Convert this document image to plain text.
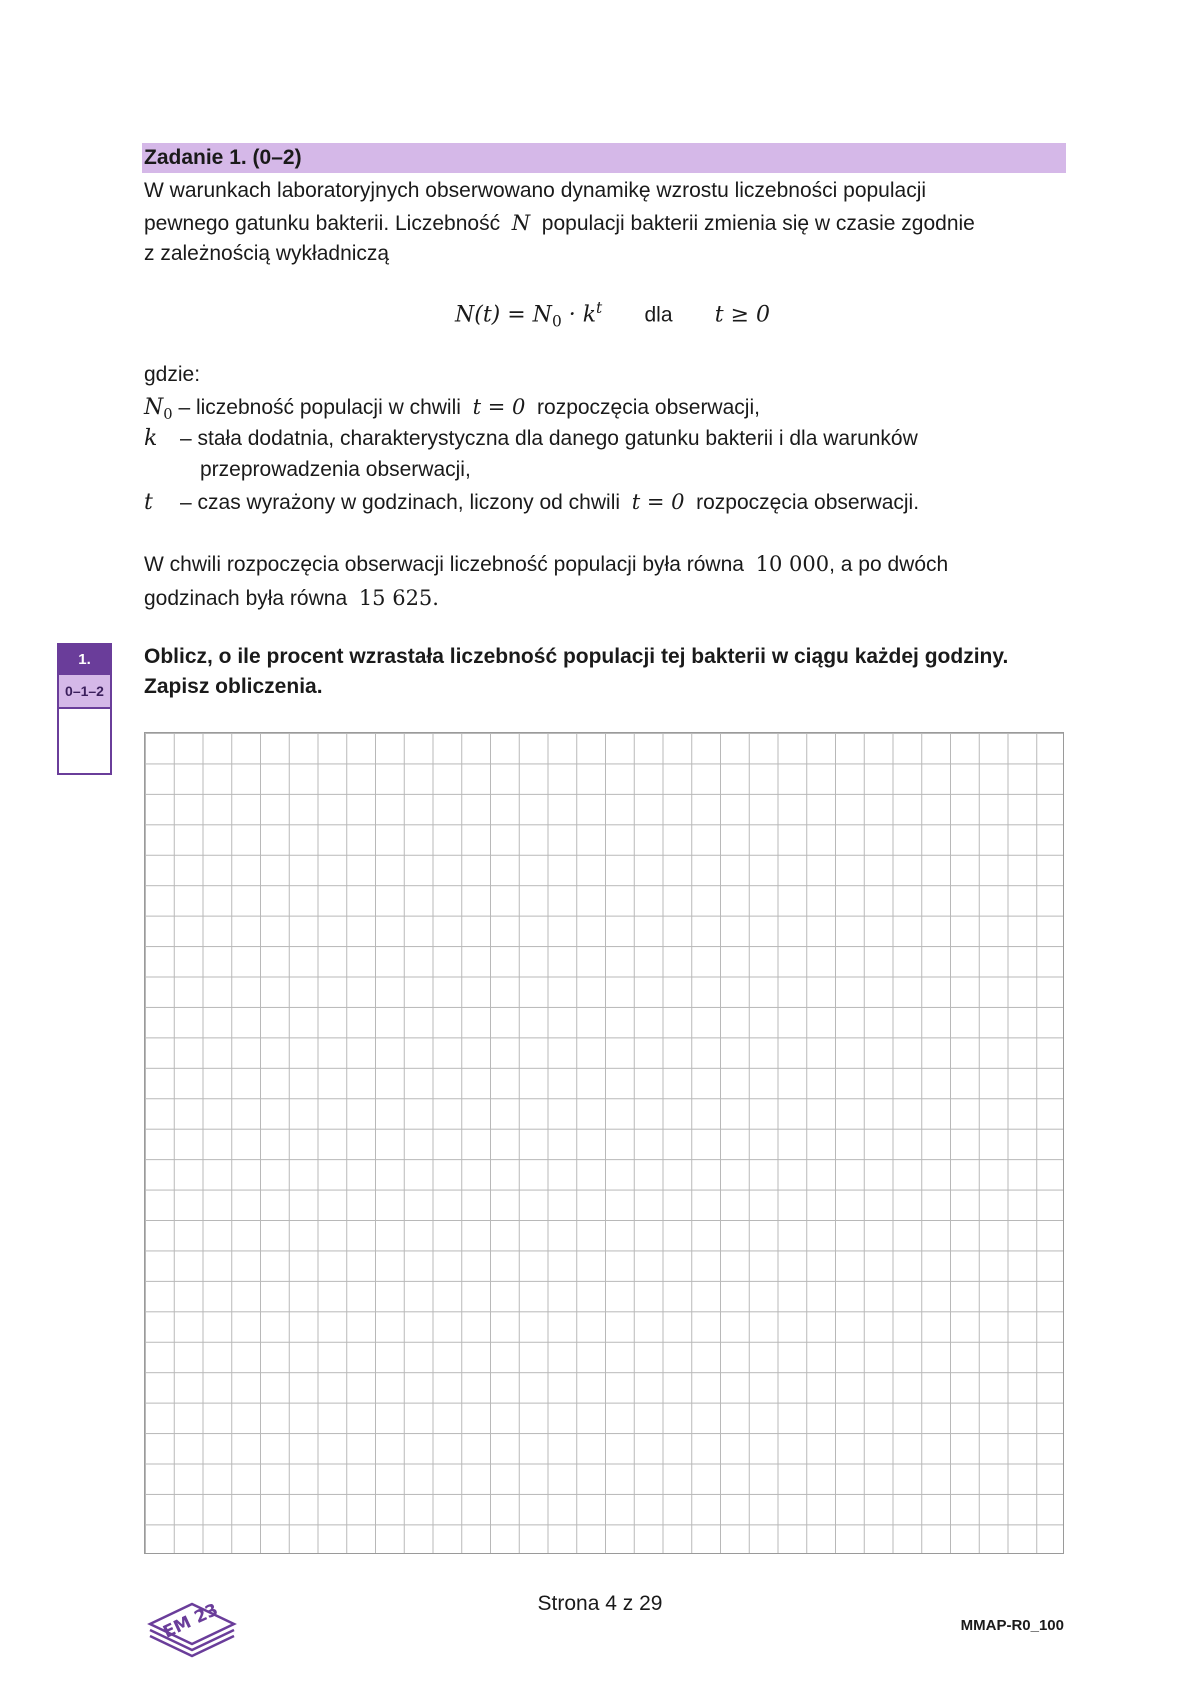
Zadanie 1. (0–2)
W warunkach laboratoryjnych obserwowano dynamikę wzrostu liczebności populacji
pewnego gatunku bakterii. Liczebność N populacji bakterii zmienia się w czasie zgodnie
z zależnością wykładniczą
$N(t) = N_0 \cdot k^t$ dla t ≥ 0
gdzie:
$N_0$ – liczebność populacji w chwili t = 0 rozpoczęcia obserwacji,
k – stała dodatnia, charakterystyczna dla danego gatunku bakterii i dla warunków
przeprowadzenia obserwacji,
t – czas wyrażony w godzinach, liczony od chwili t = 0 rozpoczęcia obserwacji.
W chwili rozpoczęcia obserwacji liczebność populacji była równa 10 000, a po dwóch
godzinach była równa 15 625.
Oblicz, o ile procent wzrastała liczebność populacji tej bakterii w ciągu każdej godziny.
Zapisz obliczenia.
1.
0–1–2
EM 23	Strona 4 z 29
MMAP-R0_100
